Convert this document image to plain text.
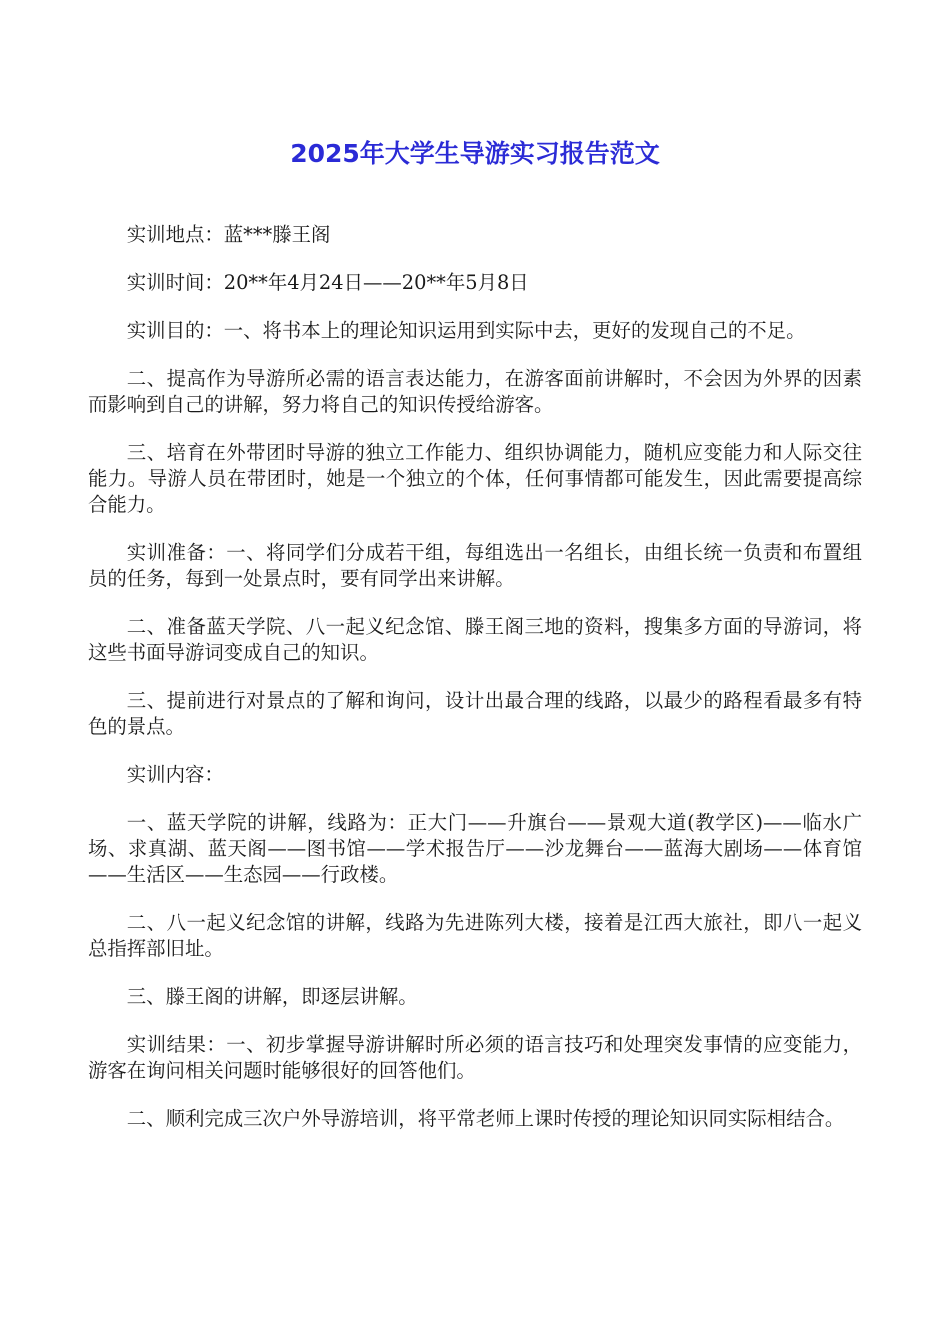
2025年大学生导游实习报告范文

实训地点：蓝***滕王阁

实训时间：20**年4月24日——20**年5月8日

实训目的：一、将书本上的理论知识运用到实际中去，更好的发现自己的不足。

二、提高作为导游所必需的语言表达能力，在游客面前讲解时，不会因为外界的因素而影响到自己的讲解，努力将自己的知识传授给游客。

三、培育在外带团时导游的独立工作能力、组织协调能力，随机应变能力和人际交往能力。导游人员在带团时，她是一个独立的个体，任何事情都可能发生，因此需要提高综合能力。

实训准备：一、将同学们分成若干组，每组选出一名组长，由组长统一负责和布置组员的任务，每到一处景点时，要有同学出来讲解。

二、准备蓝天学院、八一起义纪念馆、滕王阁三地的资料，搜集多方面的导游词，将这些书面导游词变成自己的知识。

三、提前进行对景点的了解和询问，设计出最合理的线路，以最少的路程看最多有特色的景点。

实训内容：

一、蓝天学院的讲解，线路为：正大门——升旗台——景观大道(教学区)——临水广场、求真湖、蓝天阁——图书馆——学术报告厅——沙龙舞台——蓝海大剧场——体育馆——生活区——生态园——行政楼。

二、八一起义纪念馆的讲解，线路为先进陈列大楼，接着是江西大旅社，即八一起义总指挥部旧址。

三、滕王阁的讲解，即逐层讲解。

实训结果：一、初步掌握导游讲解时所必须的语言技巧和处理突发事情的应变能力，游客在询问相关问题时能够很好的回答他们。

二、顺利完成三次户外导游培训，将平常老师上课时传授的理论知识同实际相结合。
